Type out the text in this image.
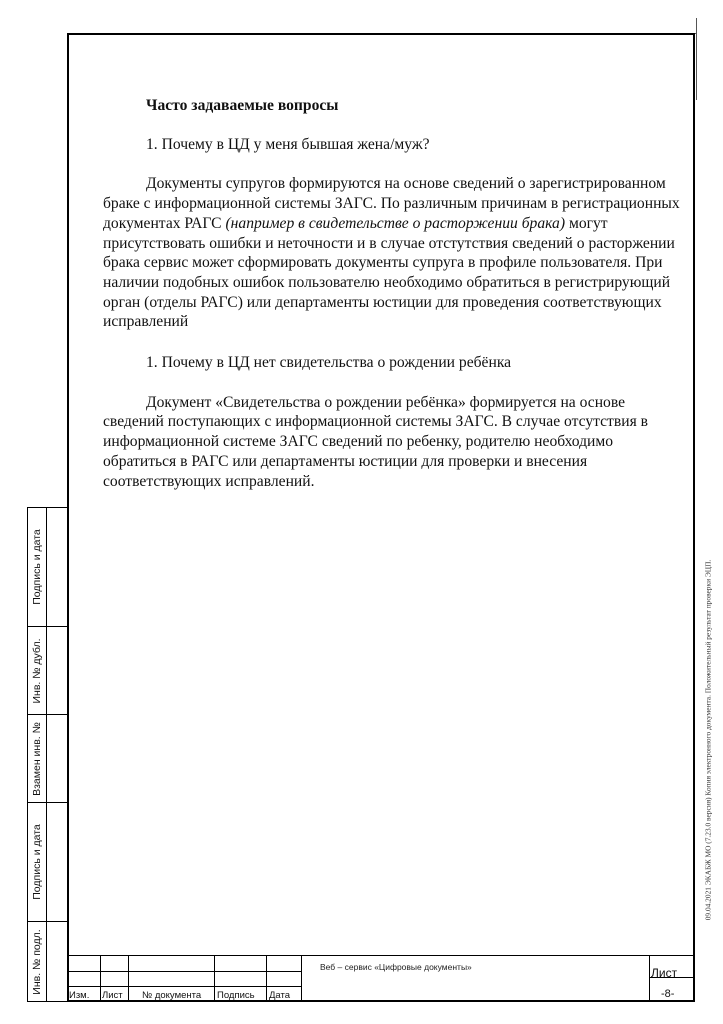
Часто задаваемые вопросы

1. Почему в ЦД у меня бывшая жена/муж?

Документы супругов формируются на основе сведений о зарегистрированном браке с информационной системы ЗАГС. По различным причинам в регистрационных документах РАГС (например в свидетельстве о расторжении брака) могут присутствовать ошибки и неточности и в случае отстутствия сведений о расторжении брака сервис может сформировать документы супруга в профиле пользователя. При наличии подобных ошибок пользователю необходимо обратиться в регистрирующий орган (отделы РАГС) или департаменты юстиции для проведения соответствующих исправлений

1. Почему в ЦД нет свидетельства о рождении ребёнка

Документ «Свидетельства о рождении ребёнка» формируется на основе сведений поступающих с информационной системы ЗАГС. В случае отсутствия в информационной системе ЗАГС сведений по ребенку, родителю необходимо обратиться в РАГС или департаменты юстиции для проверки и внесения соответствующих исправлений.

Подпись и дата
Инв. № дубл.
Взамен инв. №
Подпись и дата
Инв. № подл.
Изм. Лист № документа Подпись Дата
Веб – сервис «Цифровые документы»	Лист
-8-
09.04.2021 ЭКАБЖ МО (7.23.0 версия) Копия электронного документа. Положительный результат проверки ЭЦП.
